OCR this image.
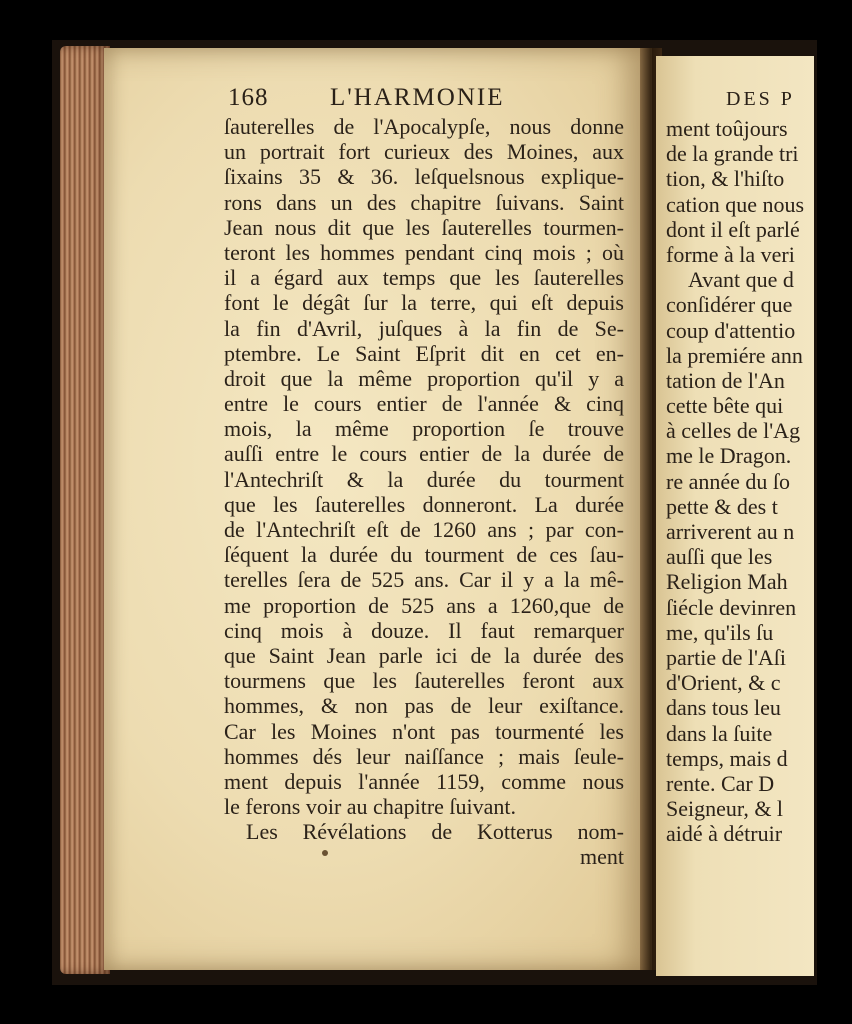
168 L'HARMONIE
ſauterelles de l'Apocalypſe, nous donne
un portrait fort curieux des Moines, aux
ſixains 35 & 36. leſquelsnous explique-
rons dans un des chapitre ſuivans. Saint
Jean nous dit que les ſauterelles tourmen-
teront les hommes pendant cinq mois ; où
il a égard aux temps que les ſauterelles
font le dégât ſur la terre, qui eſt depuis
la fin d'Avril, juſques à la fin de Se-
ptembre. Le Saint Eſprit dit en cet en-
droit que la même proportion qu'il y a
entre le cours entier de l'année & cinq
mois, la même proportion ſe trouve
auſſi entre le cours entier de la durée de
l'Antechriſt & la durée du tourment
que les ſauterelles donneront. La durée
de l'Antechriſt eſt de 1260 ans ; par con-
ſéquent la durée du tourment de ces ſau-
terelles ſera de 525 ans. Car il y a la mê-
me proportion de 525 ans a 1260,que de
cinq mois à douze. Il faut remarquer
que Saint Jean parle ici de la durée des
tourmens que les ſauterelles feront aux
hommes, & non pas de leur exiſtance.
Car les Moines n'ont pas tourmenté les
hommes dés leur naiſſance ; mais ſeule-
ment depuis l'année 1159, comme nous
le ferons voir au chapitre ſuivant.
Les Révélations de Kotterus nom-
ment
DES P
ment toûjours
de la grande tri
tion, & l'hiſto
cation que nous
dont il eſt parlé
forme à la veri
Avant que d
conſidérer que
coup d'attentio
la premiére ann
tation de l'An
cette bête qui
à celles de l'Ag
me le Dragon.
re année du ſo
pette & des t
arriverent au n
auſſi que les
Religion Mah
ſiécle devinren
me, qu'ils ſu
partie de l'Aſi
d'Orient, & c
dans tous leu
dans la ſuite
temps, mais d
rente. Car D
Seigneur, & l
aidé à détruir
